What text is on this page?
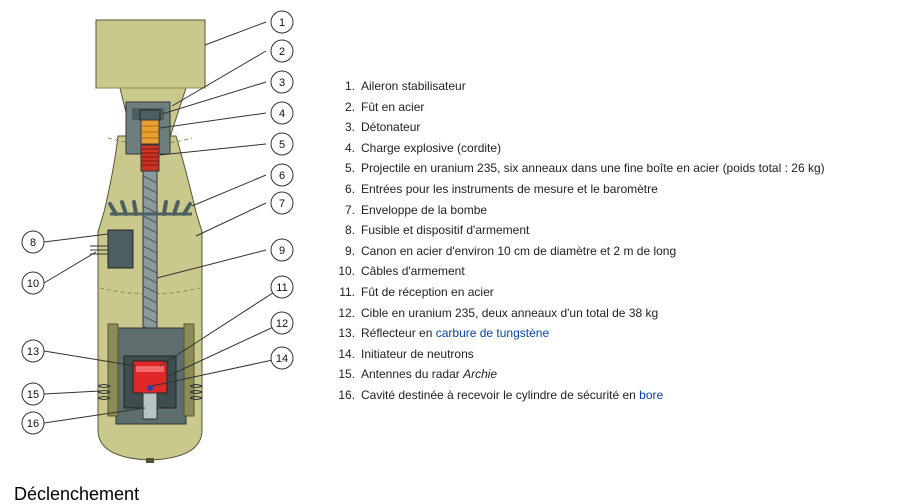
1
2
3
4
5
6
7
8
9
10	11
12
13
14
15
16
1. Aileron stabilisateur
2. Fût en acier
3. Détonateur
4. Charge explosive (cordite)
5. Projectile en uranium 235, six anneaux dans une fine boîte en acier (poids total : 26 kg)
6. Entrées pour les instruments de mesure et le baromètre
7. Enveloppe de la bombe
8. Fusible et dispositif d'armement
9. Canon en acier d'environ 10 cm de diamètre et 2 m de long
10. Câbles d'armement
11. Fût de réception en acier
12. Cible en uranium 235, deux anneaux d'un total de 38 kg
13. Réflecteur en carbure de tungstène
14. Initiateur de neutrons
15. Antennes du radar Archie
16. Cavité destinée à recevoir le cylindre de sécurité en bore
Déclenchement
